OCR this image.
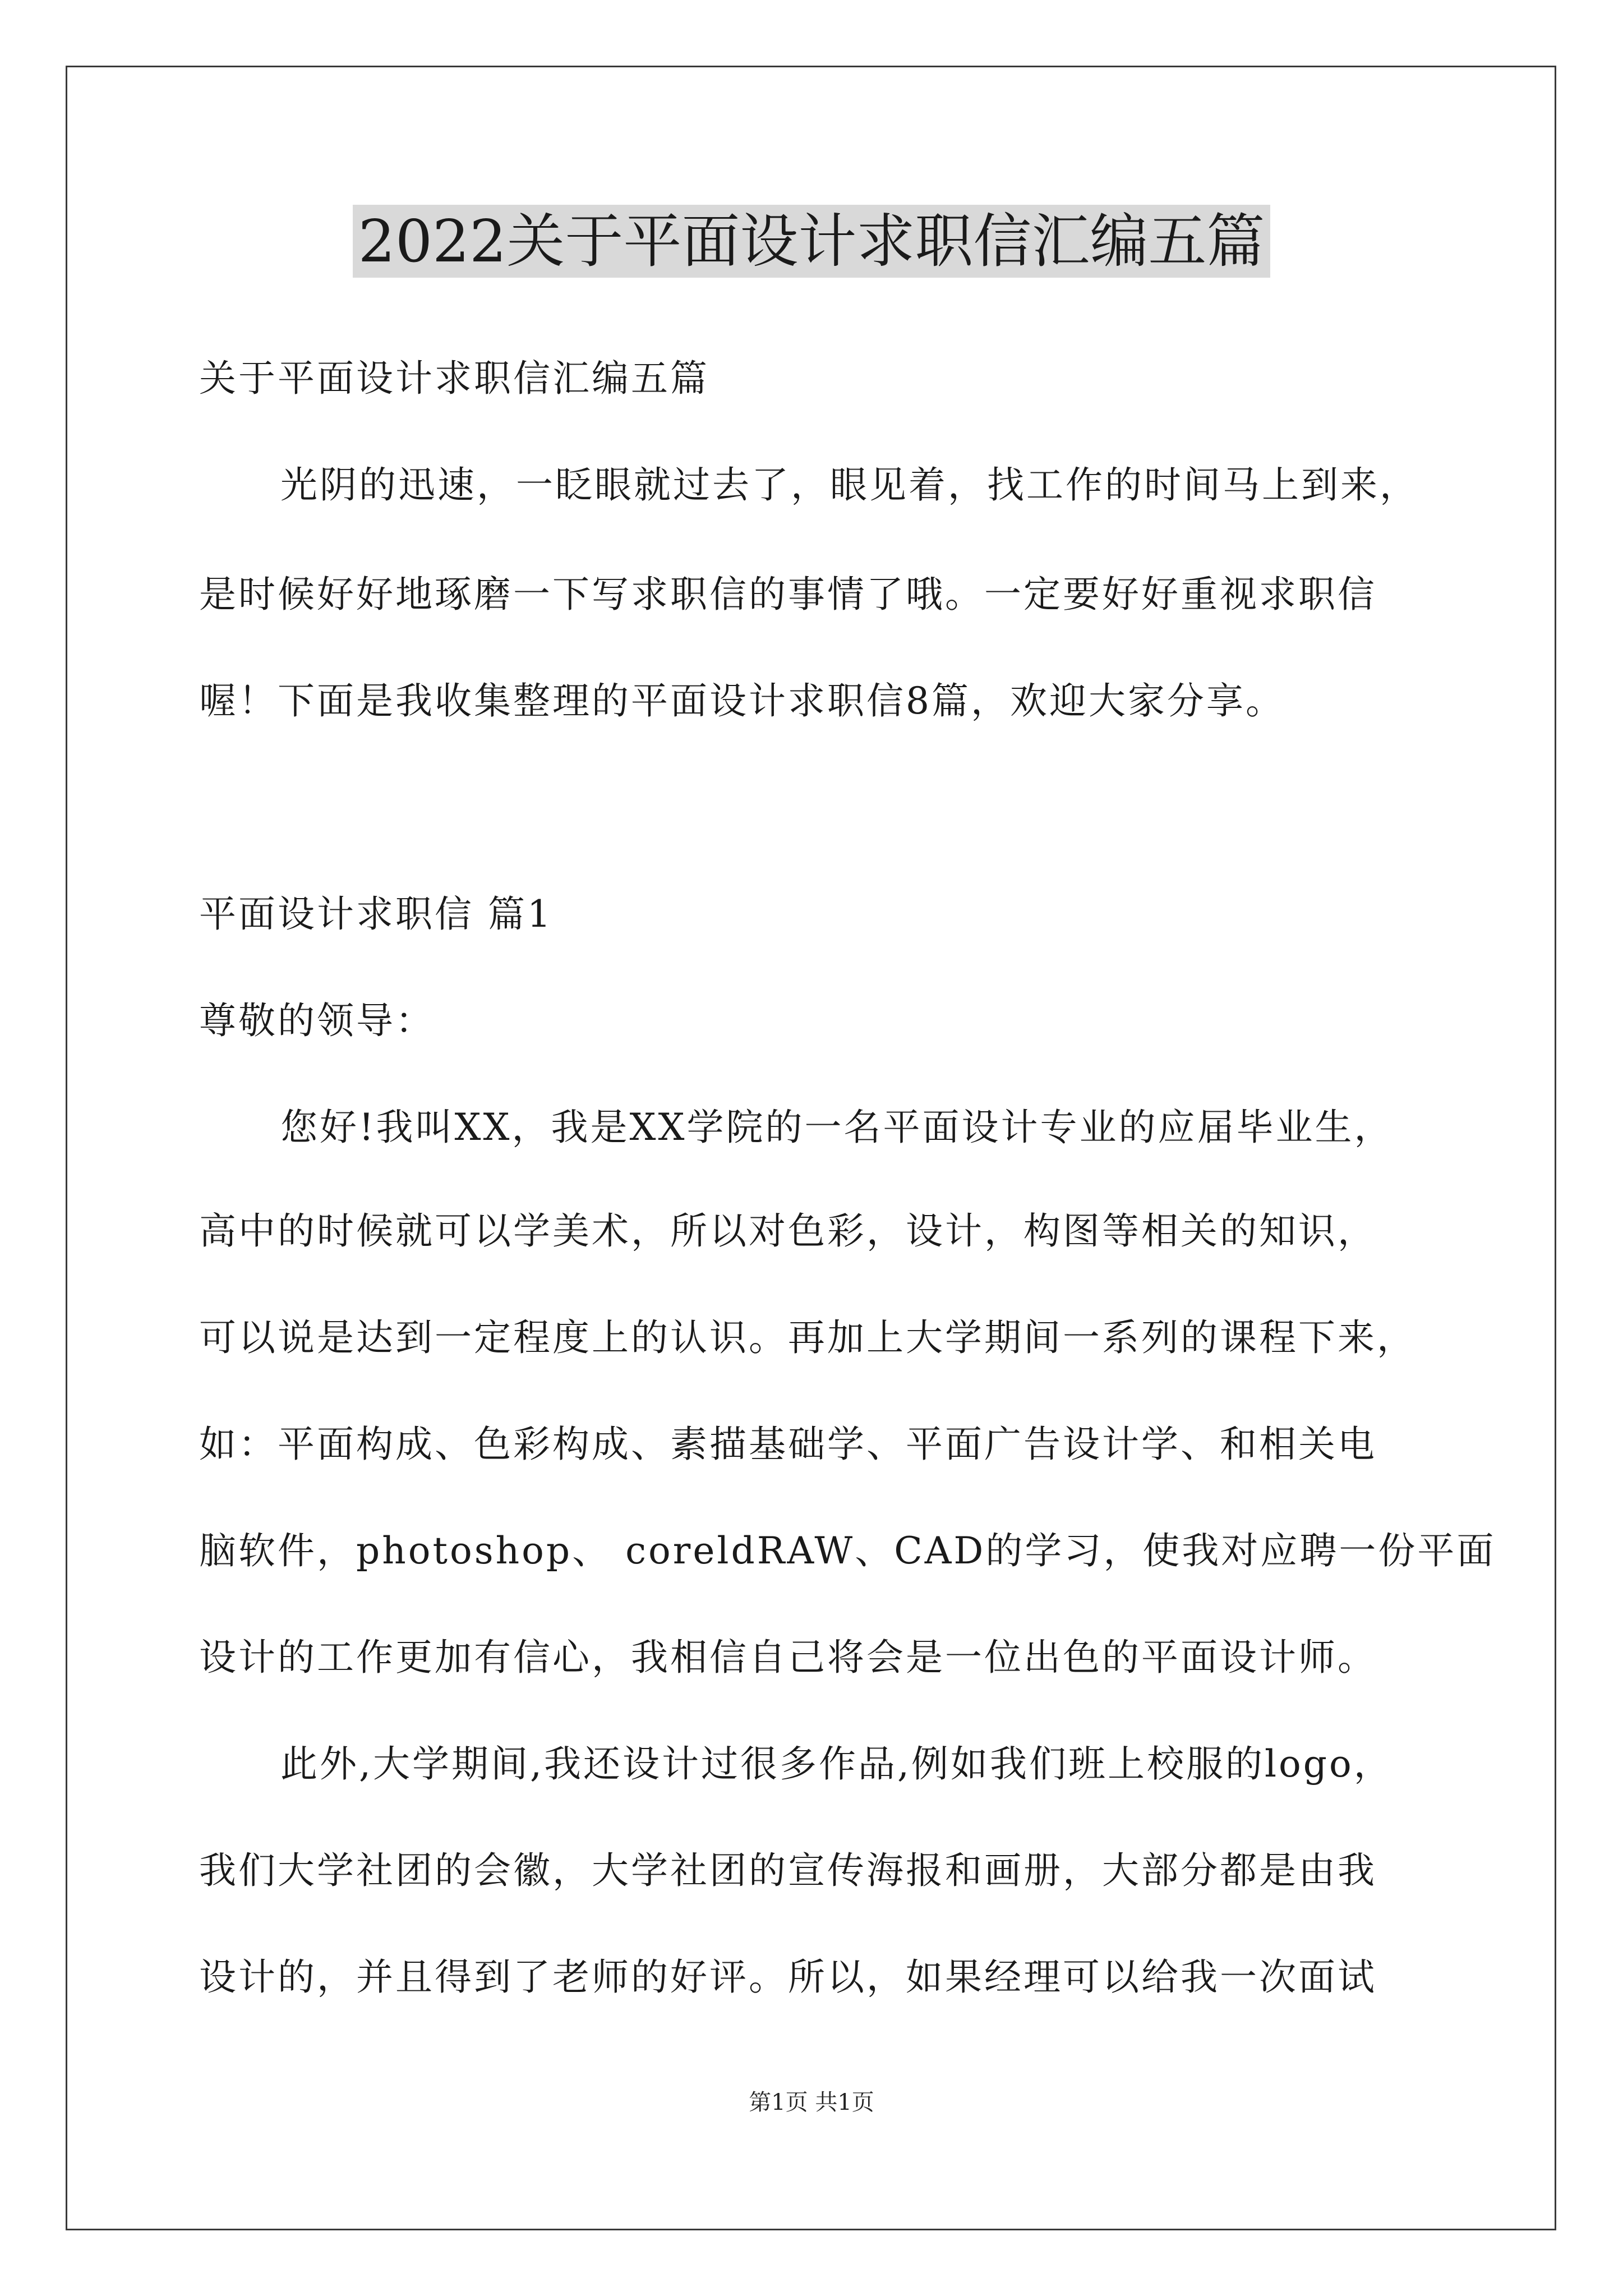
2022关于平面设计求职信汇编五篇
关于平面设计求职信汇编五篇
光阴的迅速，一眨眼就过去了，眼见着，找工作的时间马上到来，
是时候好好地琢磨一下写求职信的事情了哦。一定要好好重视求职信
喔！下面是我收集整理的平面设计求职信8篇，欢迎大家分享。
平面设计求职信 篇1
尊敬的领导：
您好!我叫XX，我是XX学院的一名平面设计专业的应届毕业生，
高中的时候就可以学美术，所以对色彩，设计，构图等相关的知识，
可以说是达到一定程度上的认识。再加上大学期间一系列的课程下来，
如：平面构成、色彩构成、素描基础学、平面广告设计学、和相关电
脑软件，photoshop、 coreldRAW、CAD的学习，使我对应聘一份平面
设计的工作更加有信心，我相信自己将会是一位出色的平面设计师。
此外,大学期间,我还设计过很多作品,例如我们班上校服的logo，
我们大学社团的会徽，大学社团的宣传海报和画册，大部分都是由我
设计的，并且得到了老师的好评。所以，如果经理可以给我一次面试
第1页 共1页
